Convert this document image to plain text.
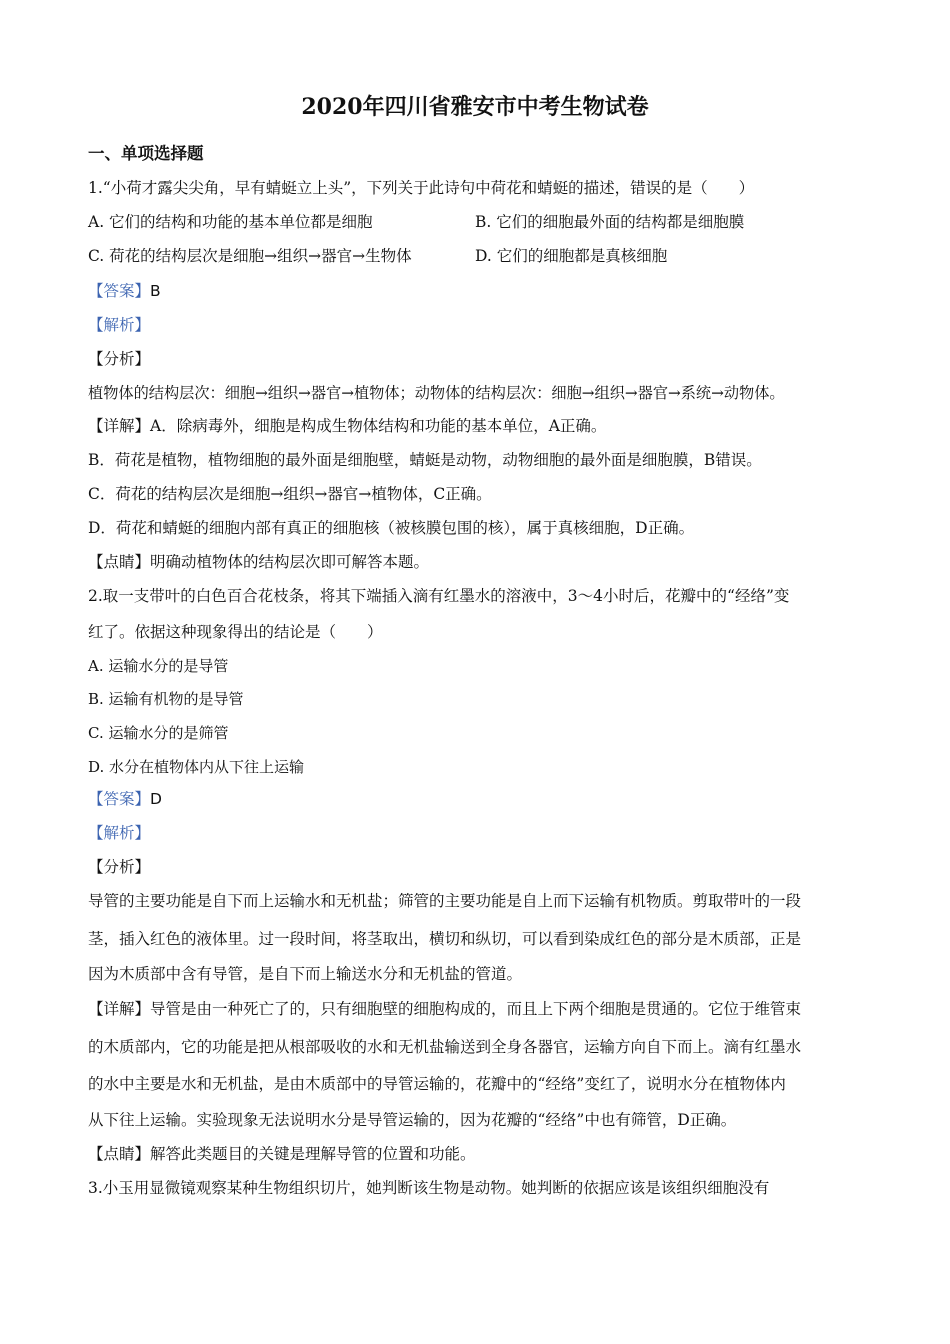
2020年四川省雅安市中考生物试卷
一、单项选择题
1.“小荷才露尖尖角，早有蜻蜓立上头”，下列关于此诗句中荷花和蜻蜓的描述，错误的是（　　）
A. 它们的结构和功能的基本单位都是细胞	B. 它们的细胞最外面的结构都是细胞膜
C. 荷花的结构层次是细胞→组织→器官→生物体	D. 它们的细胞都是真核细胞
【答案】B
【解析】
【分析】
植物体的结构层次：细胞→组织→器官→植物体；动物体的结构层次：细胞→组织→器官→系统→动物体。
【详解】A．除病毒外，细胞是构成生物体结构和功能的基本单位，A正确。
B．荷花是植物，植物细胞的最外面是细胞壁，蜻蜓是动物，动物细胞的最外面是细胞膜，B错误。
C．荷花的结构层次是细胞→组织→器官→植物体，C正确。
D．荷花和蜻蜓的细胞内部有真正的细胞核（被核膜包围的核），属于真核细胞，D正确。
【点睛】明确动植物体的结构层次即可解答本题。
2.取一支带叶的白色百合花枝条，将其下端插入滴有红墨水的溶液中，3～4小时后，花瓣中的“经络”变
红了。依据这种现象得出的结论是（　　）
A. 运输水分的是导管
B. 运输有机物的是导管
C. 运输水分的是筛管
D. 水分在植物体内从下往上运输
【答案】D
【解析】
【分析】
导管的主要功能是自下而上运输水和无机盐；筛管的主要功能是自上而下运输有机物质。剪取带叶的一段
茎，插入红色的液体里。过一段时间，将茎取出，横切和纵切，可以看到染成红色的部分是木质部，正是
因为木质部中含有导管，是自下而上输送水分和无机盐的管道。
【详解】导管是由一种死亡了的，只有细胞壁的细胞构成的，而且上下两个细胞是贯通的。它位于维管束
的木质部内，它的功能是把从根部吸收的水和无机盐输送到全身各器官，运输方向自下而上。滴有红墨水
的水中主要是水和无机盐，是由木质部中的导管运输的，花瓣中的“经络”变红了，说明水分在植物体内
从下往上运输。实验现象无法说明水分是导管运输的，因为花瓣的“经络”中也有筛管，D正确。
【点睛】解答此类题目的关键是理解导管的位置和功能。
3.小玉用显微镜观察某种生物组织切片，她判断该生物是动物。她判断的依据应该是该组织细胞没有
